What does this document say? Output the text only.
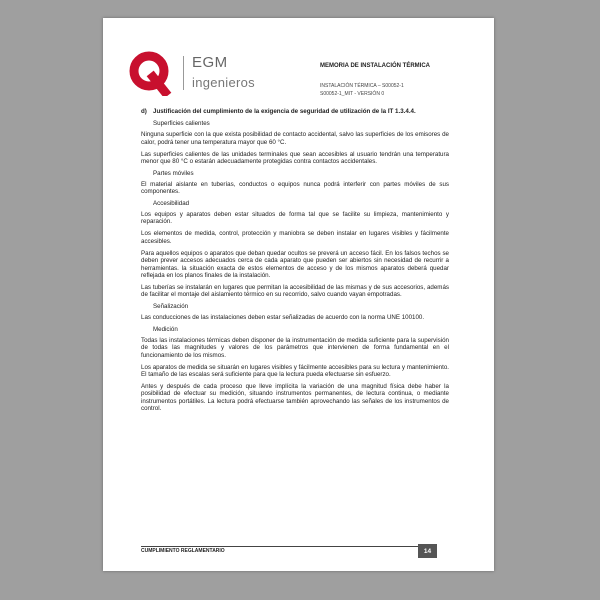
EGM
ingenieros
MEMORIA DE INSTALACIÓN TÉRMICA
INSTALACIÓN TÉRMICA – S00052-1
S00052-1_MIT - VERSIÓN 0
d) Justificación del cumplimiento de la exigencia de seguridad de utilización de la IT 1.3.4.4.
Superficies calientes

Ninguna superficie con la que exista posibilidad de contacto accidental, salvo las superficies de los emisores de calor, podrá tener una temperatura mayor que 60 °C.

Las superficies calientes de las unidades terminales que sean accesibles al usuario tendrán una temperatura menor que 80 °C o estarán adecuadamente protegidas contra contactos accidentales.

Partes móviles

El material aislante en tuberías, conductos o equipos nunca podrá interferir con partes móviles de sus componentes.

Accesibilidad

Los equipos y aparatos deben estar situados de forma tal que se facilite su limpieza, mantenimiento y reparación.

Los elementos de medida, control, protección y maniobra se deben instalar en lugares visibles y fácilmente accesibles.

Para aquellos equipos o aparatos que deban quedar ocultos se preverá un acceso fácil. En los falsos techos se deben prever accesos adecuados cerca de cada aparato que pueden ser abiertos sin necesidad de recurrir a herramientas. la situación exacta de estos elementos de acceso y de los mismos aparatos deberá quedar reflejada en los planos finales de la instalación.

Las tuberías se instalarán en lugares que permitan la accesibilidad de las mismas y de sus accesorios, además de facilitar el montaje del aislamiento térmico en su recorrido, salvo cuando vayan empotradas.

Señalización

Las conducciones de las instalaciones deben estar señalizadas de acuerdo con la norma UNE 100100.

Medición

Todas las instalaciones térmicas deben disponer de la instrumentación de medida suficiente para la supervisión de todas las magnitudes y valores de los parámetros que intervienen de forma fundamental en el funcionamiento de los mismos.

Los aparatos de medida se situarán en lugares visibles y fácilmente accesibles para su lectura y mantenimiento. El tamaño de las escalas será suficiente para que la lectura pueda efectuarse sin esfuerzo.

Antes y después de cada proceso que lleve implícita la variación de una magnitud física debe haber la posibilidad de efectuar su medición, situando instrumentos permanentes, de lectura continua, o mediante instrumentos portátiles. La lectura podrá efectuarse también aprovechando las señales de los instrumentos de control.

CUMPLIMIENTO REGLAMENTARIO	14
